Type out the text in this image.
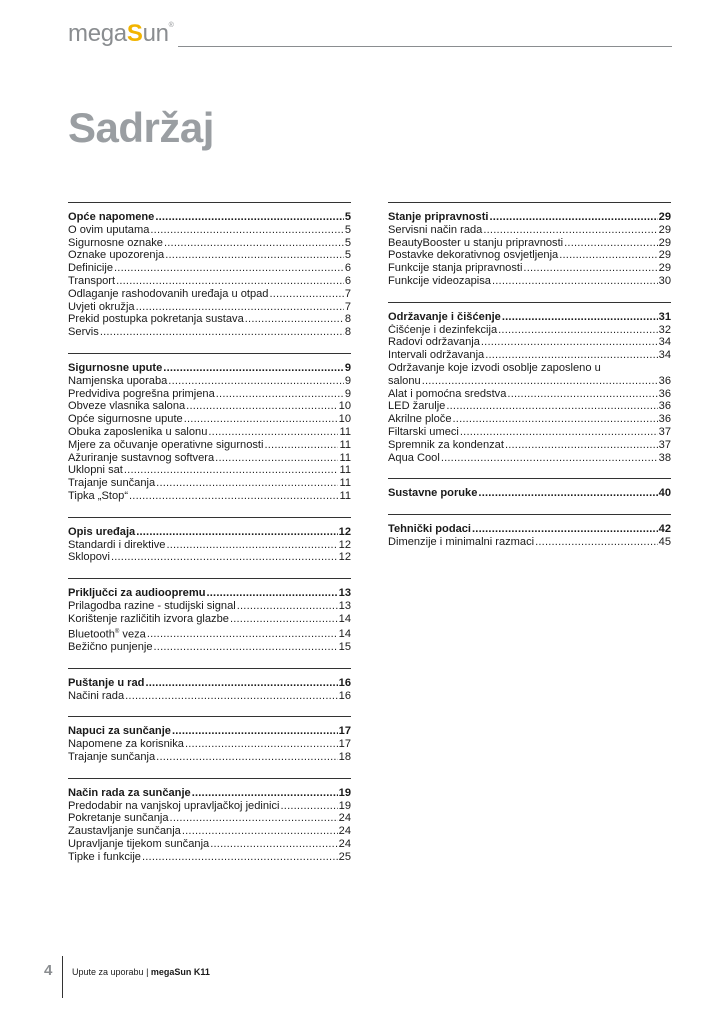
megaSun®
Sadržaj
Opće napomene .....	5
O ovim uputama .....	5
Sigurnosne oznake .....	5
Oznake upozorenja .....	5
Definicije .....	6
Transport .....	6
Odlaganje rashodovanih uređaja u otpad .....	7
Uvjeti okružja .....	7
Prekid postupka pokretanja sustava .....	8
Servis .....	8
Sigurnosne upute .....	9
Namjenska uporaba .....	9
Predvidiva pogrešna primjena .....	9
Obveze vlasnika salona .....	10
Opće sigurnosne upute .....	10
Obuka zaposlenika u salonu .....	11
Mjere za očuvanje operativne sigurnosti .....	11
Ažuriranje sustavnog softvera .....	11
Uklopni sat .....	11
Trajanje sunčanja .....	11
Tipka „Stop“ .....	11
Opis uređaja .....	12
Standardi i direktive .....	12
Sklopovi .....	12
Priključci za audioopremu .....	13
Prilagodba razine - studijski signal .....	13
Korištenje različitih izvora glazbe .....	14
Bluetooth® veza .....	14
Bežično punjenje .....	15
Puštanje u rad .....	16
Načini rada .....	16
Napuci za sunčanje .....	17
Napomene za korisnika .....	17
Trajanje sunčanja .....	18
Način rada za sunčanje .....	19
Predodabir na vanjskoj upravljačkoj jedinici .....	19
Pokretanje sunčanja .....	24
Zaustavljanje sunčanja .....	24
Upravljanje tijekom sunčanja .....	24
Tipke i funkcije .....	25
Stanje pripravnosti .....	29
Servisni način rada .....	29
BeautyBooster u stanju pripravnosti .....	29
Postavke dekorativnog osvjetljenja .....	29
Funkcije stanja pripravnosti .....	29
Funkcije videozapisa .....	30
Održavanje i čišćenje .....	31
Čišćenje i dezinfekcija .....	32
Radovi održavanja .....	34
Intervali održavanja .....	34
Održavanje koje izvodi osoblje zaposleno u
salonu .....	36
Alat i pomoćna sredstva .....	36
LED žarulje .....	36
Akrilne ploče .....	36
Filtarski umeci .....	37
Spremnik za kondenzat .....	37
Aqua Cool .....	38
Sustavne poruke .....	40
Tehnički podaci .....	42
Dimenzije i minimalni razmaci .....	45
4 Upute za uporabu | megaSun K11
